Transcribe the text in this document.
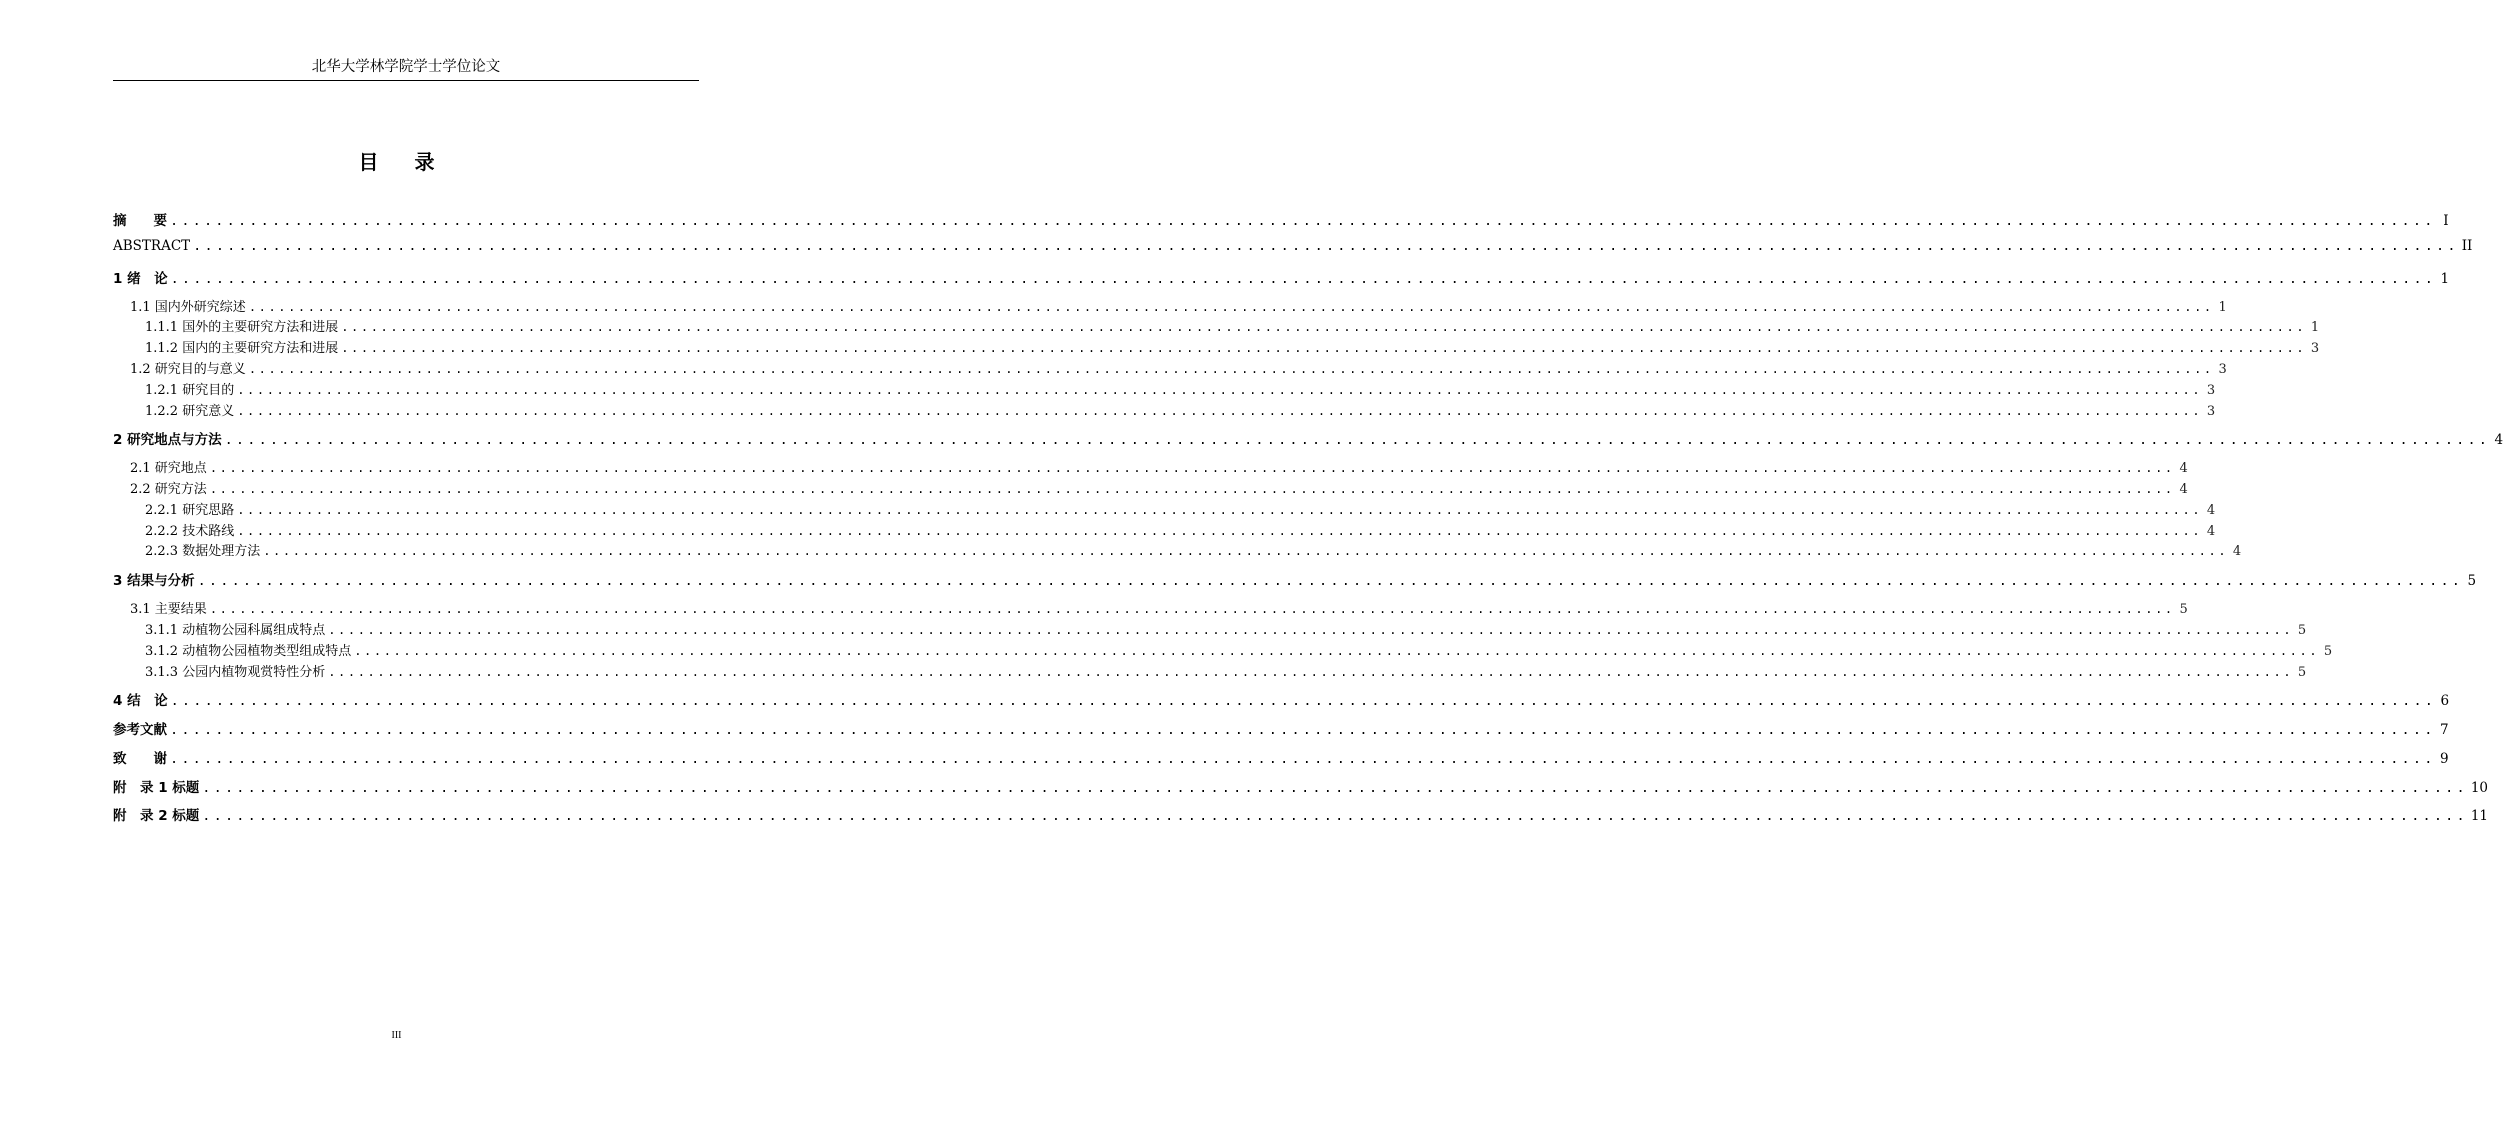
北华大学林学院学士学位论文
目录
摘　　要 ........................................................................................................................................................................................................ I
ABSTRACT ........................................................................................................................................................................................................ II
1 绪　论 ........................................................................................................................................................................................................ 1
1.1 国内外研究综述 ........................................................................................................................................................................................................ 1
1.1.1 国外的主要研究方法和进展 ........................................................................................................................................................................................................ 1
1.1.2 国内的主要研究方法和进展 ........................................................................................................................................................................................................ 3
1.2 研究目的与意义 ........................................................................................................................................................................................................ 3
1.2.1 研究目的 ........................................................................................................................................................................................................ 3
1.2.2 研究意义 ........................................................................................................................................................................................................ 3
2 研究地点与方法 ........................................................................................................................................................................................................ 4
2.1 研究地点 ........................................................................................................................................................................................................ 4
2.2 研究方法 ........................................................................................................................................................................................................ 4
2.2.1 研究思路 ........................................................................................................................................................................................................ 4
2.2.2 技术路线 ........................................................................................................................................................................................................ 4
2.2.3 数据处理方法 ........................................................................................................................................................................................................ 4
3 结果与分析 ........................................................................................................................................................................................................ 5
3.1 主要结果 ........................................................................................................................................................................................................ 5
3.1.1 动植物公园科属组成特点 ........................................................................................................................................................................................................ 5
3.1.2 动植物公园植物类型组成特点 ........................................................................................................................................................................................................ 5
3.1.3 公园内植物观赏特性分析 ........................................................................................................................................................................................................ 5
4 结　论 ........................................................................................................................................................................................................ 6
参考文献 ........................................................................................................................................................................................................ 7
致　　谢 ........................................................................................................................................................................................................ 9
附　录 1 标题 ........................................................................................................................................................................................................ 10
附　录 2 标题 ........................................................................................................................................................................................................ 11
III
